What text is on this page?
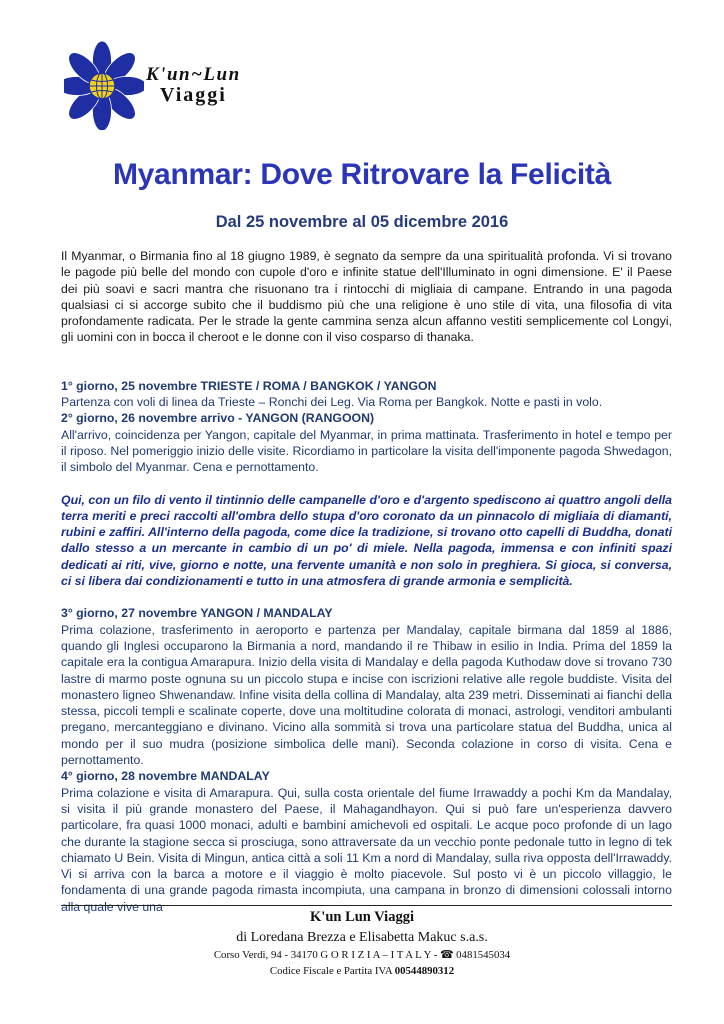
K'un~Lun
Viaggi
Myanmar: Dove Ritrovare la Felicità
Dal 25 novembre al 05 dicembre 2016

Il Myanmar, o Birmania fino al 18 giugno 1989, è segnato da sempre da una spiritualità profonda. Vi si trovano le pagode più belle del mondo con cupole d'oro e infinite statue dell'Illuminato in ogni dimensione. E' il Paese dei più soavi e sacri mantra che risuonano tra i rintocchi di migliaia di campane. Entrando in una pagoda qualsiasi ci si accorge subito che il buddismo più che una religione è uno stile di vita, una filosofia di vita profondamente radicata. Per le strade la gente cammina senza alcun affanno vestiti semplicemente col Longyi, gli uomini con in bocca il cheroot e le donne con il viso cosparso di thanaka.

1° giorno, 25 novembre TRIESTE / ROMA / BANGKOK / YANGON

Partenza con voli di linea da Trieste – Ronchi dei Leg. Via Roma per Bangkok. Notte e pasti in volo.

2° giorno, 26 novembre arrivo - YANGON (RANGOON)

All'arrivo, coincidenza per Yangon, capitale del Myanmar, in prima mattinata. Trasferimento in hotel e tempo per il riposo. Nel pomeriggio inizio delle visite. Ricordiamo in particolare la visita dell'imponente pagoda Shwedagon, il simbolo del Myanmar. Cena e pernottamento.

Qui, con un filo di vento il tintinnio delle campanelle d'oro e d'argento spediscono ai quattro angoli della terra meriti e preci raccolti all'ombra dello stupa d'oro coronato da un pinnacolo di migliaia di diamanti, rubini e zaffiri. All'interno della pagoda, come dice la tradizione, si trovano otto capelli di Buddha, donati dallo stesso a un mercante in cambio di un po' di miele. Nella pagoda, immensa e con infiniti spazi dedicati ai riti, vive, giorno e notte, una fervente umanità e non solo in preghiera. Si gioca, si conversa, ci si libera dai condizionamenti e tutto in una atmosfera di grande armonia e semplicità.

3° giorno, 27 novembre YANGON / MANDALAY

Prima colazione, trasferimento in aeroporto e partenza per Mandalay, capitale birmana dal 1859 al 1886, quando gli Inglesi occuparono la Birmania a nord, mandando il re Thibaw in esilio in India. Prima del 1859 la capitale era la contigua Amarapura. Inizio della visita di Mandalay e della pagoda Kuthodaw dove si trovano 730 lastre di marmo poste ognuna su un piccolo stupa e incise con iscrizioni relative alle regole buddiste. Visita del monastero ligneo Shwenandaw. Infine visita della collina di Mandalay, alta 239 metri. Disseminati ai fianchi della stessa, piccoli templi e scalinate coperte, dove una moltitudine colorata di monaci, astrologi, venditori ambulanti pregano, mercanteggiano e divinano. Vicino alla sommità si trova una particolare statua del Buddha, unica al mondo per il suo mudra (posizione simbolica delle mani). Seconda colazione in corso di visita. Cena e pernottamento.

4° giorno, 28 novembre MANDALAY

Prima colazione e visita di Amarapura. Qui, sulla costa orientale del fiume Irrawaddy a pochi Km da Mandalay, si visita il più grande monastero del Paese, il Mahagandhayon. Qui si può fare un'esperienza davvero particolare, fra quasi 1000 monaci, adulti e bambini amichevoli ed ospitali. Le acque poco profonde di un lago che durante la stagione secca si prosciuga, sono attraversate da un vecchio ponte pedonale tutto in legno di tek chiamato U Bein. Visita di Mingun, antica città a soli 11 Km a nord di Mandalay, sulla riva opposta dell'Irrawaddy. Vi si arriva con la barca a motore e il viaggio è molto piacevole. Sul posto vi è un piccolo villaggio, le fondamenta di una grande pagoda rimasta incompiuta, una campana in bronzo di dimensioni colossali intorno alla quale vive una

K'un Lun Viaggi
di Loredana Brezza e Elisabetta Makuc s.a.s.
Corso Verdi, 94 - 34170 G O R I Z I A – I T A L Y - ☎ 0481545034
Codice Fiscale e Partita IVA 00544890312
